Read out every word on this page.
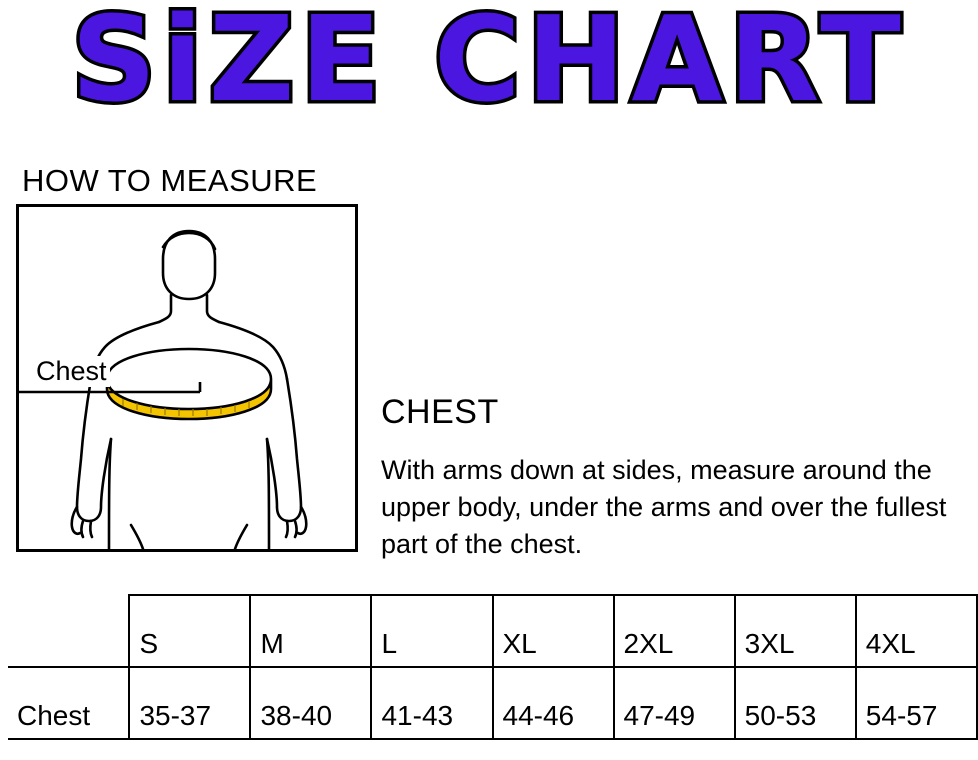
SiZE CHART
HOW TO MEASURE
Chest
CHEST
With arms down at sides, measure around the upper body, under the arms and over the fullest part of the chest.
	S	M	L	XL	2XL	3XL	4XL
Chest	35-37	38-40	41-43	44-46	47-49	50-53	54-57
